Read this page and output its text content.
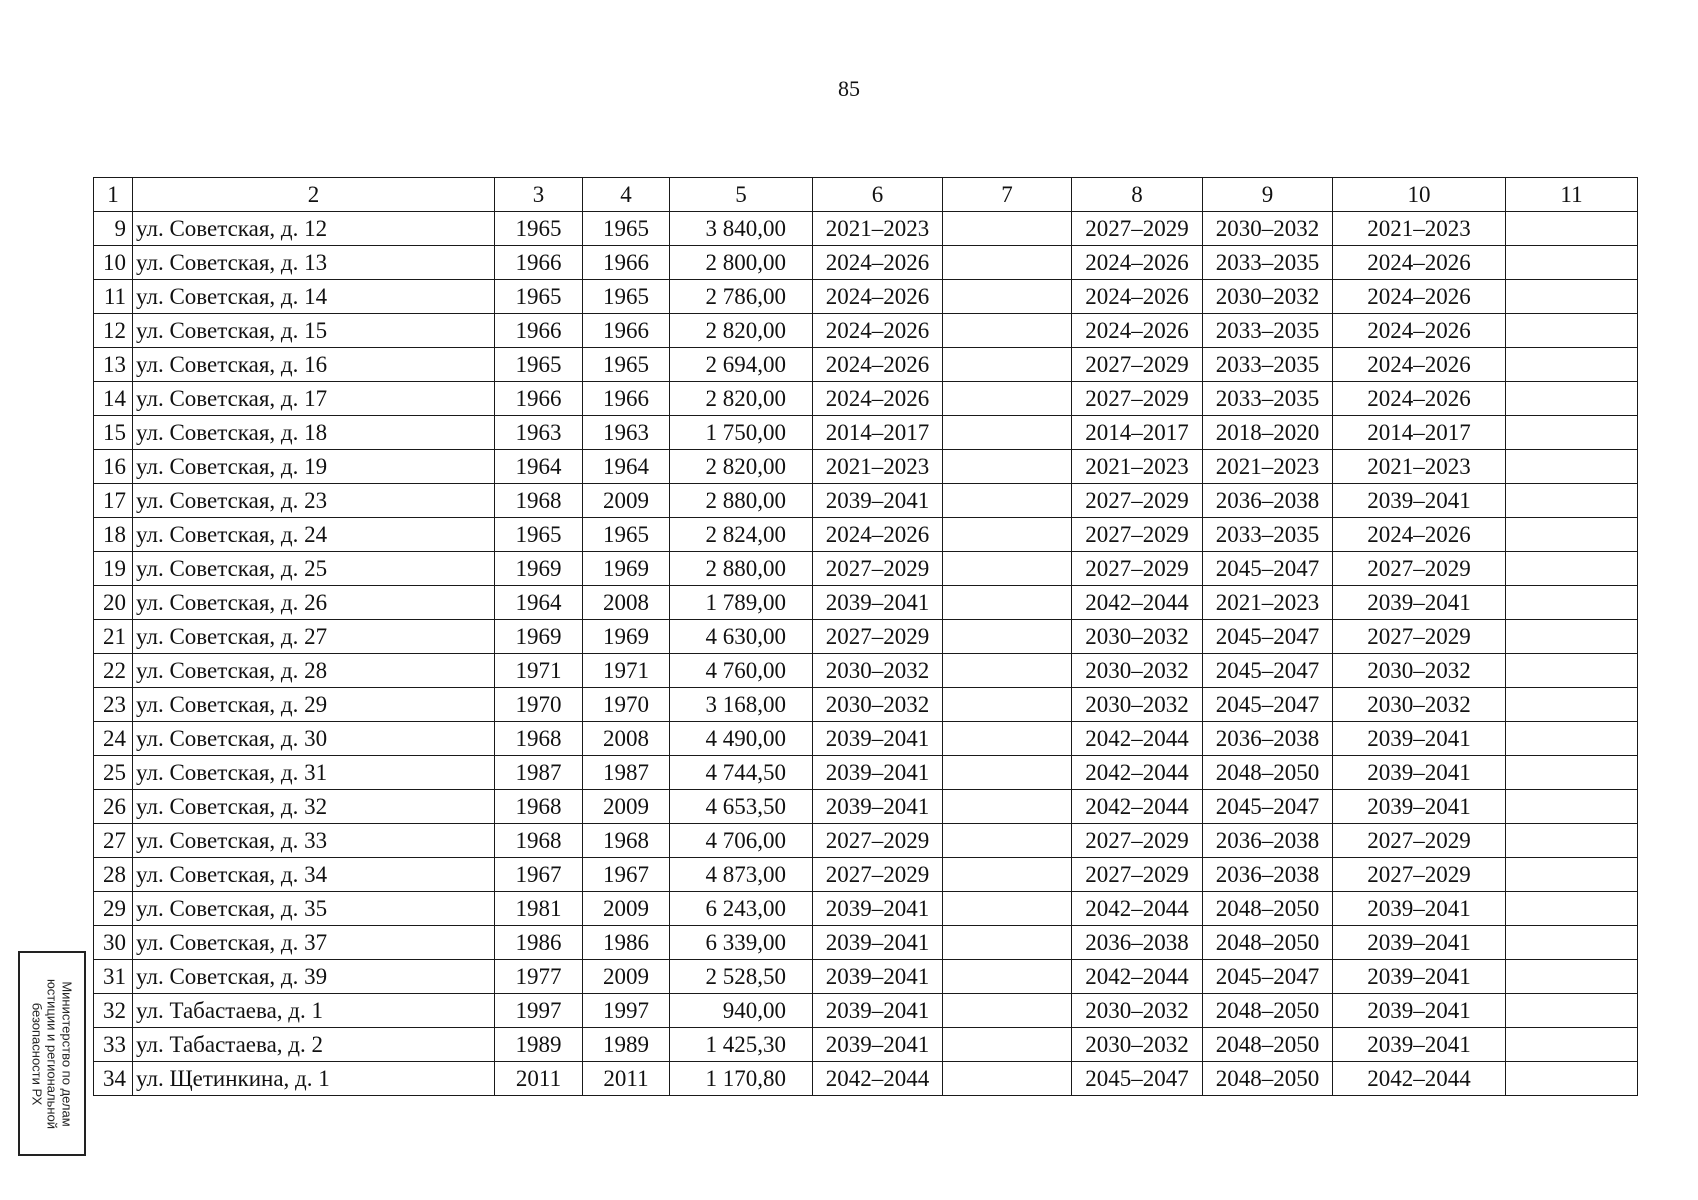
85
1	2	3	4	5	6	7	8	9	10	11
9	ул. Советская, д. 12	1965	1965	3 840,00	2021–2023		2027–2029	2030–2032	2021–2023	
10	ул. Советская, д. 13	1966	1966	2 800,00	2024–2026		2024–2026	2033–2035	2024–2026	
11	ул. Советская, д. 14	1965	1965	2 786,00	2024–2026		2024–2026	2030–2032	2024–2026	
12	ул. Советская, д. 15	1966	1966	2 820,00	2024–2026		2024–2026	2033–2035	2024–2026	
13	ул. Советская, д. 16	1965	1965	2 694,00	2024–2026		2027–2029	2033–2035	2024–2026	
14	ул. Советская, д. 17	1966	1966	2 820,00	2024–2026		2027–2029	2033–2035	2024–2026	
15	ул. Советская, д. 18	1963	1963	1 750,00	2014–2017		2014–2017	2018–2020	2014–2017	
16	ул. Советская, д. 19	1964	1964	2 820,00	2021–2023		2021–2023	2021–2023	2021–2023	
17	ул. Советская, д. 23	1968	2009	2 880,00	2039–2041		2027–2029	2036–2038	2039–2041	
18	ул. Советская, д. 24	1965	1965	2 824,00	2024–2026		2027–2029	2033–2035	2024–2026	
19	ул. Советская, д. 25	1969	1969	2 880,00	2027–2029		2027–2029	2045–2047	2027–2029	
20	ул. Советская, д. 26	1964	2008	1 789,00	2039–2041		2042–2044	2021–2023	2039–2041	
21	ул. Советская, д. 27	1969	1969	4 630,00	2027–2029		2030–2032	2045–2047	2027–2029	
22	ул. Советская, д. 28	1971	1971	4 760,00	2030–2032		2030–2032	2045–2047	2030–2032	
23	ул. Советская, д. 29	1970	1970	3 168,00	2030–2032		2030–2032	2045–2047	2030–2032	
24	ул. Советская, д. 30	1968	2008	4 490,00	2039–2041		2042–2044	2036–2038	2039–2041	
25	ул. Советская, д. 31	1987	1987	4 744,50	2039–2041		2042–2044	2048–2050	2039–2041	
26	ул. Советская, д. 32	1968	2009	4 653,50	2039–2041		2042–2044	2045–2047	2039–2041	
27	ул. Советская, д. 33	1968	1968	4 706,00	2027–2029		2027–2029	2036–2038	2027–2029	
28	ул. Советская, д. 34	1967	1967	4 873,00	2027–2029		2027–2029	2036–2038	2027–2029	
29	ул. Советская, д. 35	1981	2009	6 243,00	2039–2041		2042–2044	2048–2050	2039–2041	
30	ул. Советская, д. 37	1986	1986	6 339,00	2039–2041		2036–2038	2048–2050	2039–2041	
31	ул. Советская, д. 39	1977	2009	2 528,50	2039–2041		2042–2044	2045–2047	2039–2041	
32	ул. Табастаева, д. 1	1997	1997	940,00	2039–2041		2030–2032	2048–2050	2039–2041	
33	ул. Табастаева, д. 2	1989	1989	1 425,30	2039–2041		2030–2032	2048–2050	2039–2041	
34	ул. Щетинкина, д. 1	2011	2011	1 170,80	2042–2044		2045–2047	2048–2050	2042–2044	
Министерство по делам
юстиции и региональной
безопасности РХ
